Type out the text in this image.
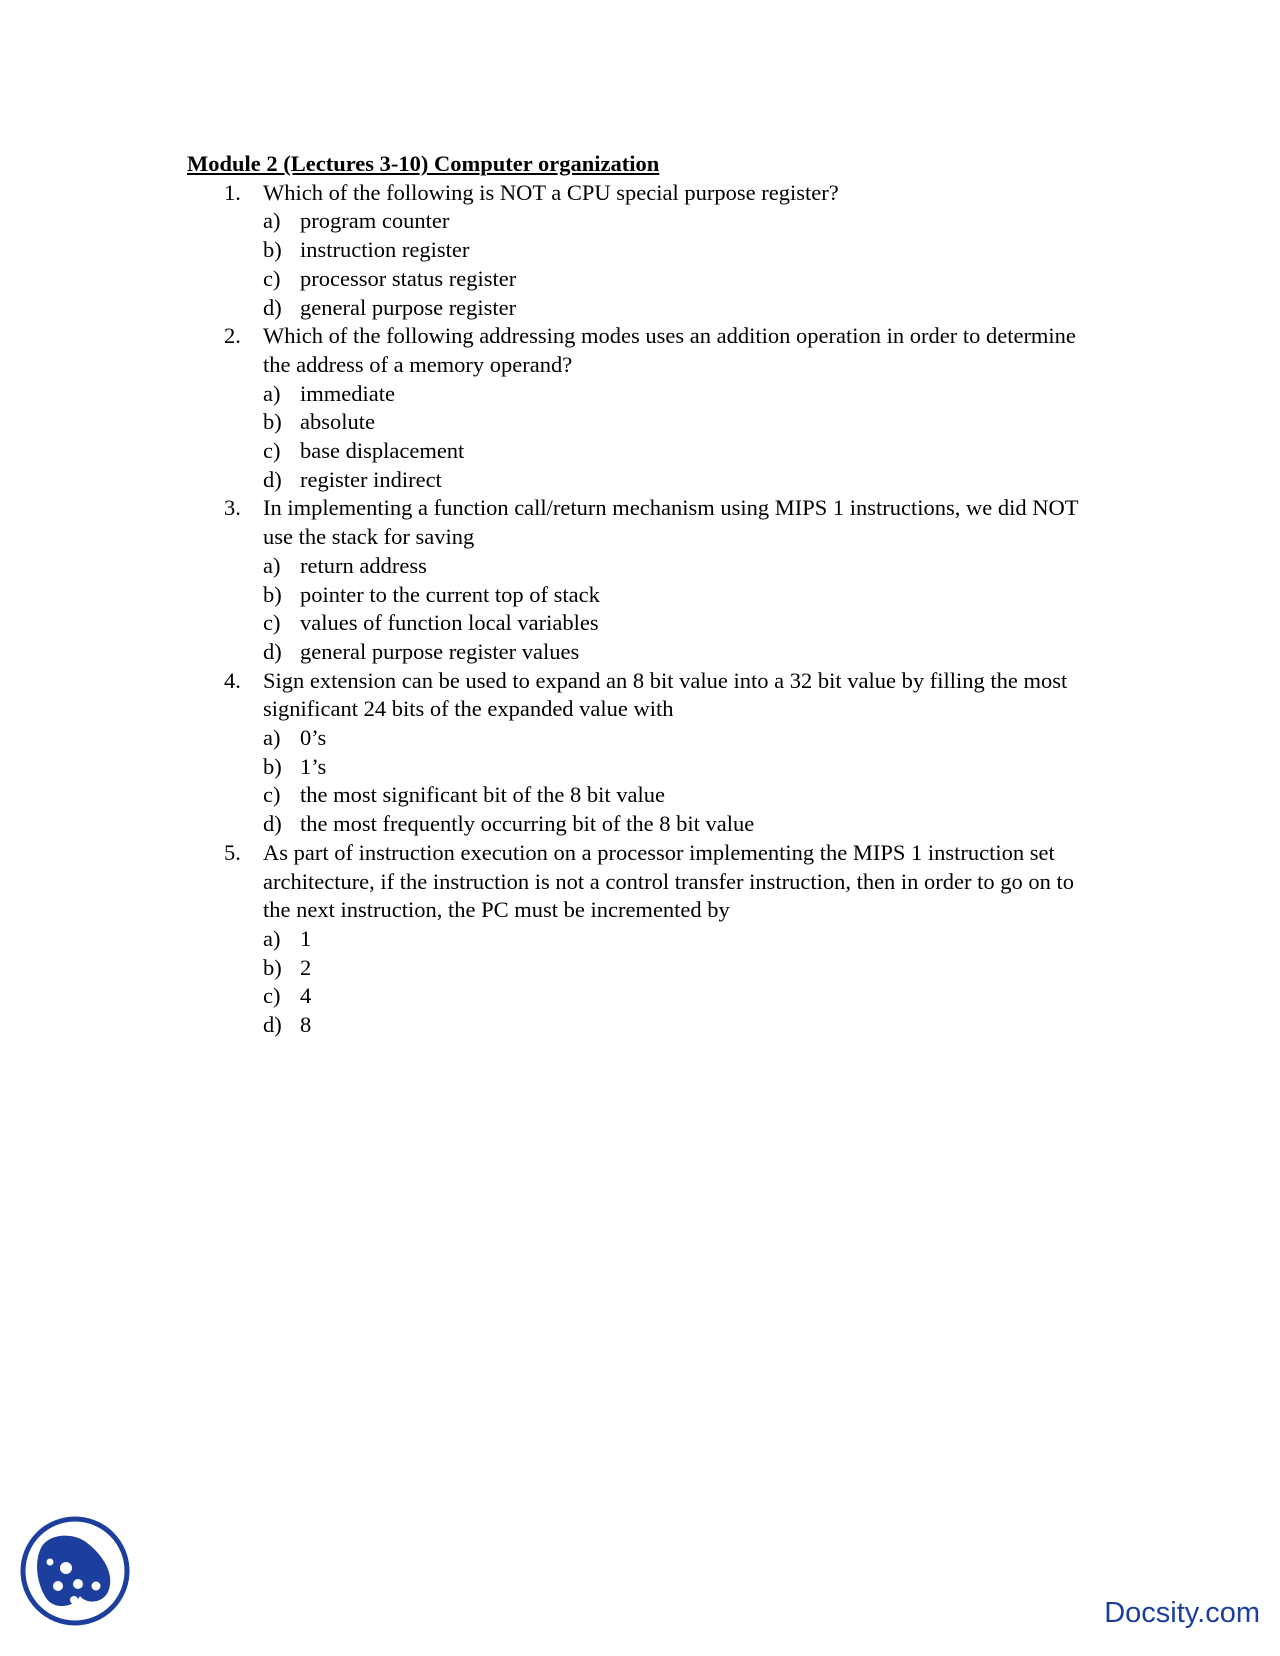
Module 2 (Lectures 3-10) Computer organization

1. Which of the following is NOT a CPU special purpose register?

a) program counter
b) instruction register
c) processor status register
d) general purpose register
2. Which of the following addressing modes uses an addition operation in order to determine the address of a memory operand?

a) immediate
b) absolute
c) base displacement
d) register indirect
3. In implementing a function call/return mechanism using MIPS 1 instructions, we did NOT use the stack for saving

a) return address
b) pointer to the current top of stack
c) values of function local variables
d) general purpose register values
4. Sign extension can be used to expand an 8 bit value into a 32 bit value by filling the most significant 24 bits of the expanded value with

a) 0’s
b) 1’s
c) the most significant bit of the 8 bit value
d) the most frequently occurring bit of the 8 bit value
5. As part of instruction execution on a processor implementing the MIPS 1 instruction set architecture, if the instruction is not a control transfer instruction, then in order to go on to the next instruction, the PC must be incremented by

a) 1
b) 2
c) 4
d) 8
Docsity.com
